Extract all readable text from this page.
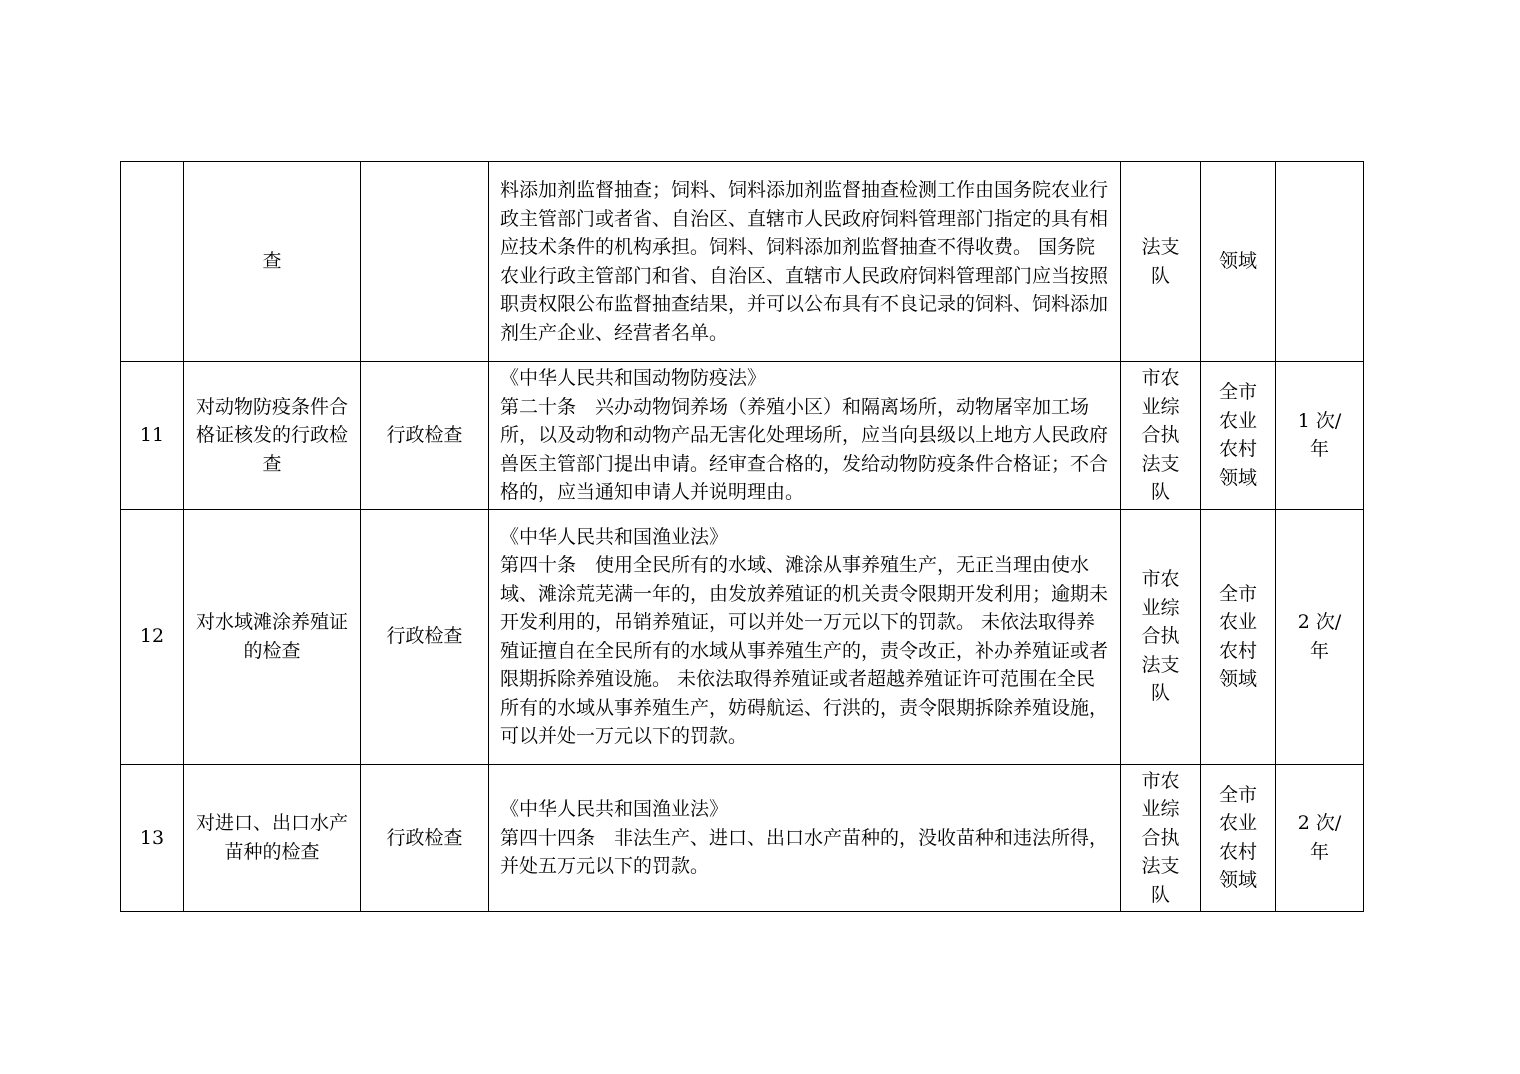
	查		料添加剂监督抽查；饲料、饲料添加剂监督抽查检测工作由国务院农业行政主管部门或者省、自治区、直辖市人民政府饲料管理部门指定的具有相应技术条件的机构承担。饲料、饲料添加剂监督抽查不得收费。 国务院农业行政主管部门和省、自治区、直辖市人民政府饲料管理部门应当按照职责权限公布监督抽查结果，并可以公布具有不良记录的饲料、饲料添加剂生产企业、经营者名单。	法支队	领域	
11	对动物防疫条件合格证核发的行政检查	行政检查	《中华人民共和国动物防疫法》
第二十条　兴办动物饲养场（养殖小区）和隔离场所，动物屠宰加工场所，以及动物和动物产品无害化处理场所，应当向县级以上地方人民政府兽医主管部门提出申请。经审查合格的，发给动物防疫条件合格证；不合格的，应当通知申请人并说明理由。	市农业综合执法支队	全市农业农村领域	1 次/年

12	对水域滩涂养殖证的检查	行政检查	《中华人民共和国渔业法》
第四十条　使用全民所有的水域、滩涂从事养殖生产，无正当理由使水域、滩涂荒芜满一年的，由发放养殖证的机关责令限期开发利用；逾期未开发利用的，吊销养殖证，可以并处一万元以下的罚款。 未依法取得养殖证擅自在全民所有的水域从事养殖生产的，责令改正，补办养殖证或者限期拆除养殖设施。 未依法取得养殖证或者超越养殖证许可范围在全民所有的水域从事养殖生产，妨碍航运、行洪的，责令限期拆除养殖设施，可以并处一万元以下的罚款。	市农业综合执法支队	全市农业农村领域	2 次/年

13	对进口、出口水产苗种的检查	行政检查	《中华人民共和国渔业法》
第四十四条　非法生产、进口、出口水产苗种的，没收苗种和违法所得，并处五万元以下的罚款。	市农业综合执法支队	全市农业农村领域	2 次/年
